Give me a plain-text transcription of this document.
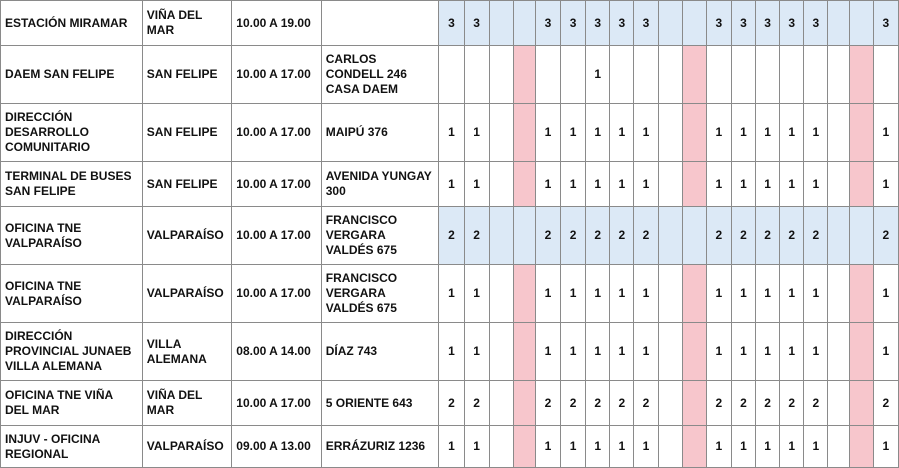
ESTACIÓN MIRAMAR	VIÑA DEL MAR	10.00 A 19.00		3	3			3	3	3	3	3			3	3	3	3	3			3
DAEM SAN FELIPE	SAN FELIPE	10.00 A 17.00	CARLOS CONDELL 246 CASA DAEM							1												
DIRECCIÓN DESARROLLO COMUNITARIO	SAN FELIPE	10.00 A 17.00	MAIPÚ 376	1	1			1	1	1	1	1			1	1	1	1	1			1
TERMINAL DE BUSES SAN FELIPE	SAN FELIPE	10.00 A 17.00	AVENIDA YUNGAY 300	1	1			1	1	1	1	1			1	1	1	1	1			1
OFICINA TNE VALPARAÍSO	VALPARAÍSO	10.00 A 17.00	FRANCISCO VERGARA VALDÉS 675	2	2			2	2	2	2	2			2	2	2	2	2			2
OFICINA TNE VALPARAÍSO	VALPARAÍSO	10.00 A 17.00	FRANCISCO VERGARA VALDÉS 675	1	1			1	1	1	1	1			1	1	1	1	1			1
DIRECCIÓN PROVINCIAL JUNAEB VILLA ALEMANA	VILLA ALEMANA	08.00 A 14.00	DÍAZ 743	1	1			1	1	1	1	1			1	1	1	1	1			1
OFICINA TNE VIÑA DEL MAR	VIÑA DEL MAR	10.00 A 17.00	5 ORIENTE 643	2	2			2	2	2	2	2			2	2	2	2	2			2
INJUV - OFICINA REGIONAL	VALPARAÍSO	09.00 A 13.00	ERRÁZURIZ 1236	1	1			1	1	1	1	1			1	1	1	1	1			1
